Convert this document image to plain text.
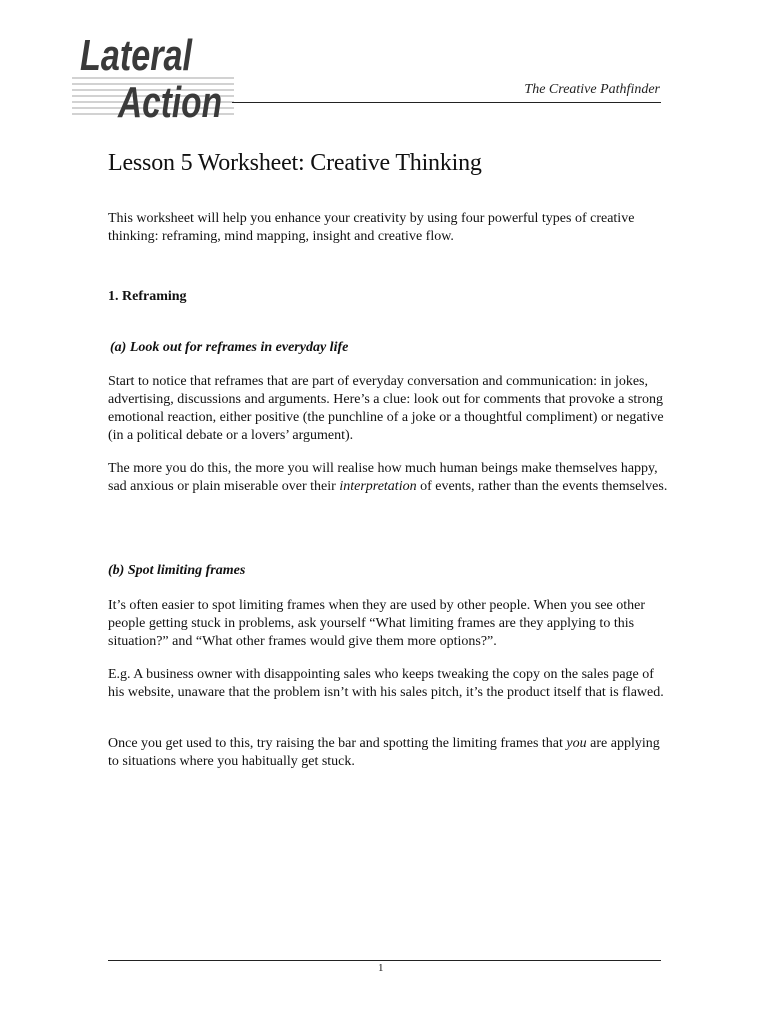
Lateral
Action	The Creative Pathfinder
Lesson 5 Worksheet: Creative Thinking

This worksheet will help you enhance your creativity by using four powerful types of creative thinking: reframing, mind mapping, insight and creative flow.

1. Reframing
(a) Look out for reframes in everyday life

Start to notice that reframes that are part of everyday conversation and communication: in jokes, advertising, discussions and arguments. Here’s a clue: look out for comments that provoke a strong emotional reaction, either positive (the punchline of a joke or a thoughtful compliment) or negative (in a political debate or a lovers’ argument).

The more you do this, the more you will realise how much human beings make themselves happy, sad anxious or plain miserable over their interpretation of events, rather than the events themselves.

(b) Spot limiting frames

It’s often easier to spot limiting frames when they are used by other people. When you see other people getting stuck in problems, ask yourself “What limiting frames are they applying to this situation?” and “What other frames would give them more options?”.

E.g. A business owner with disappointing sales who keeps tweaking the copy on the sales page of his website, unaware that the problem isn’t with his sales pitch, it’s the product itself that is flawed.

Once you get used to this, try raising the bar and spotting the limiting frames that you are applying to situations where you habitually get stuck.

1
